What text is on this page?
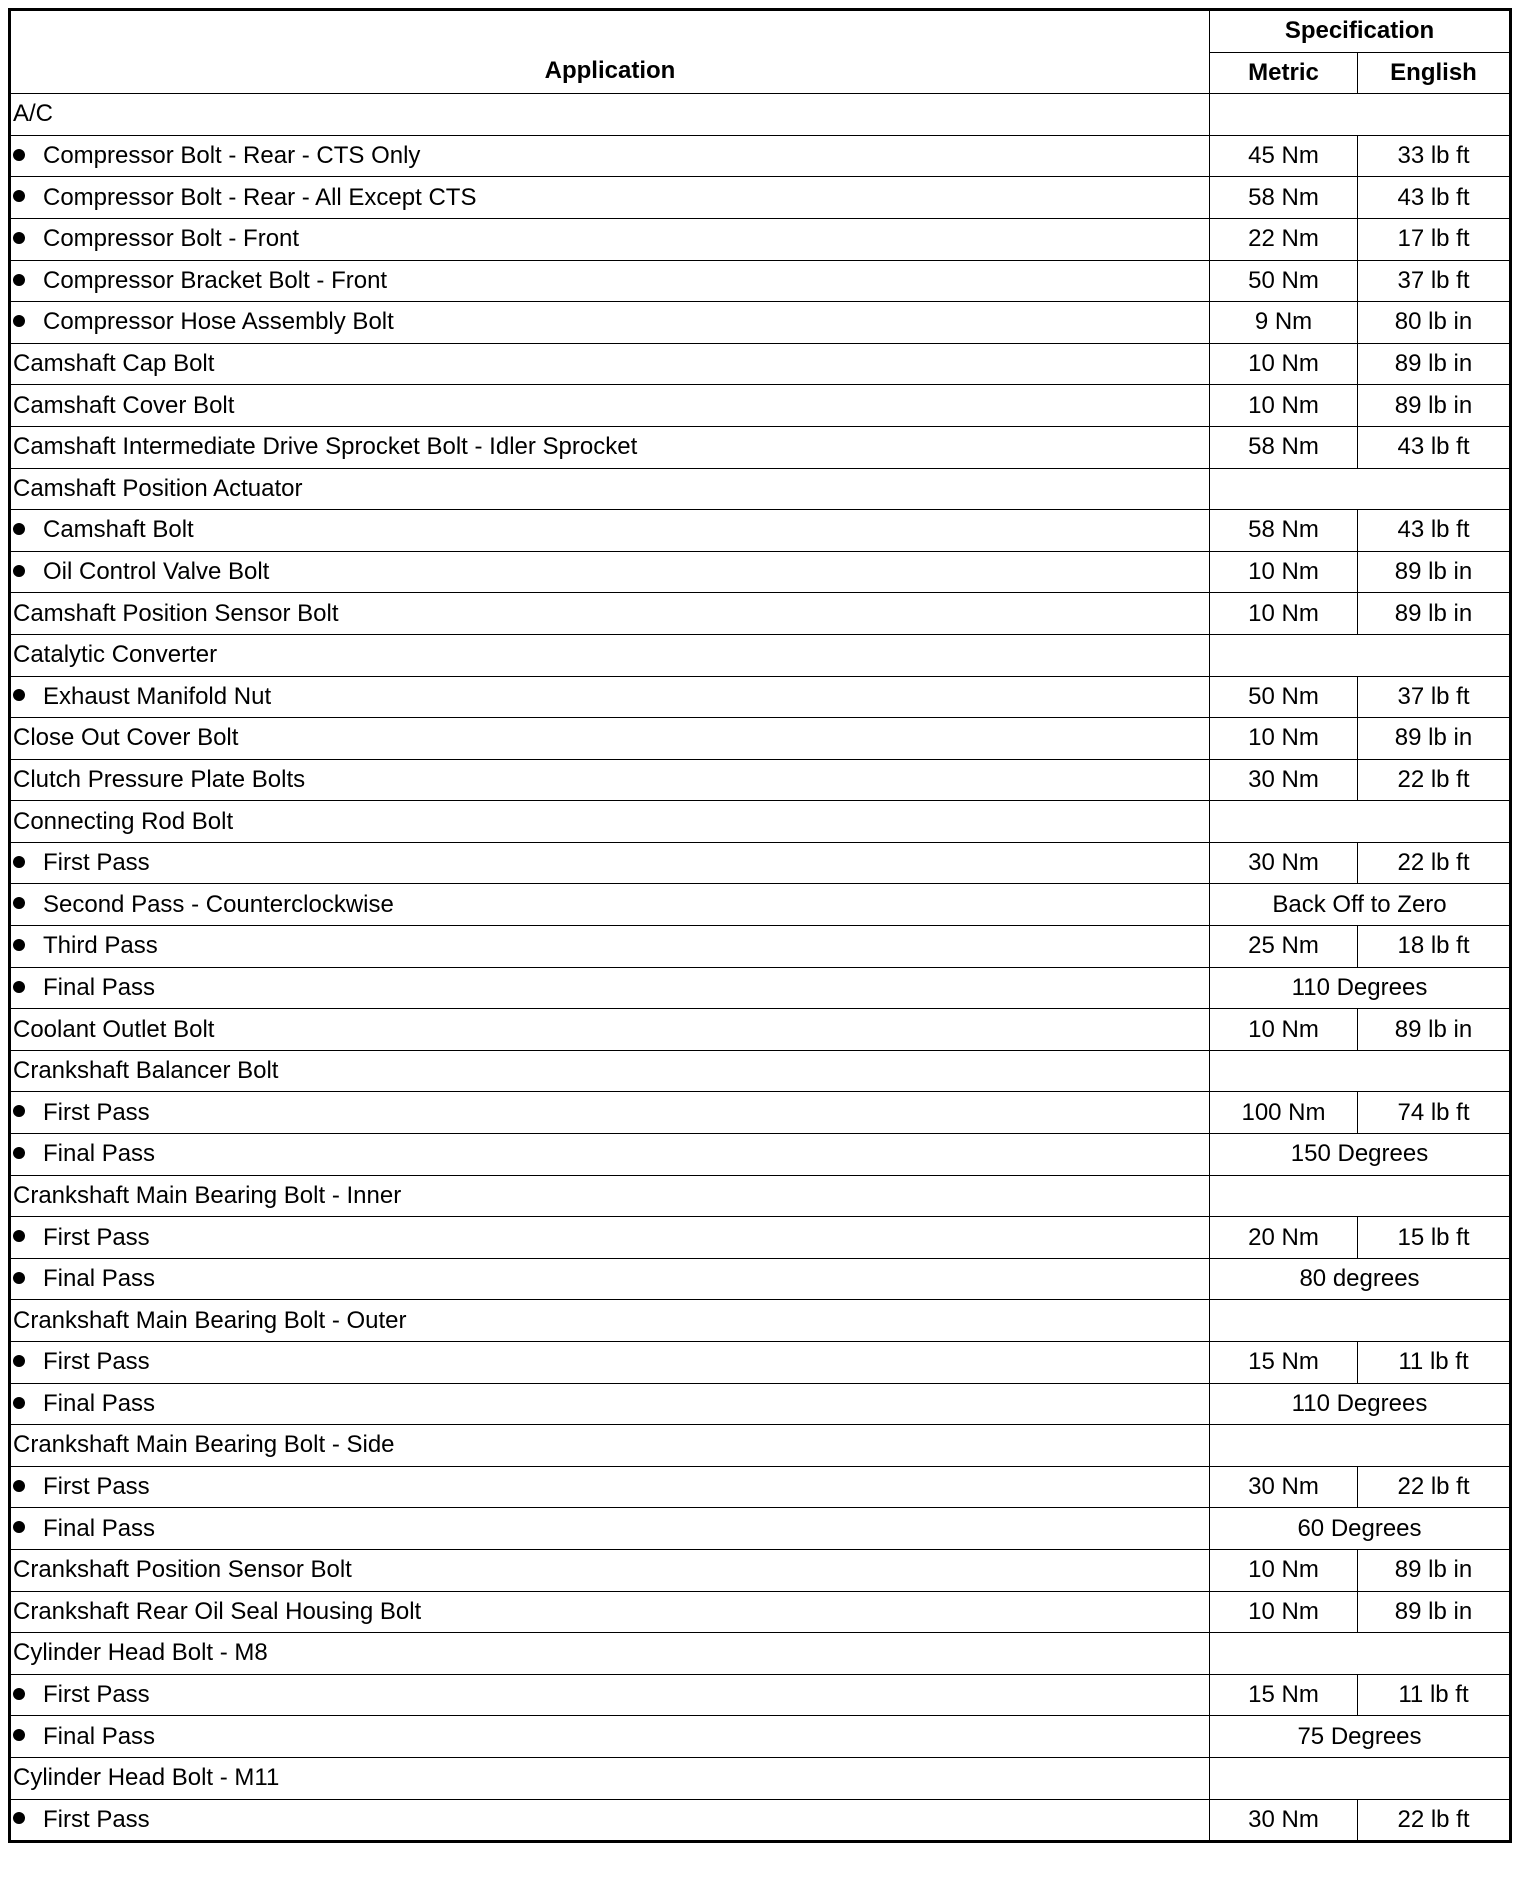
Application	Specification	
	Metric	English
A/C		
Compressor Bolt - Rear - CTS Only	45 Nm	33 lb ft
Compressor Bolt - Rear - All Except CTS	58 Nm	43 lb ft
Compressor Bolt - Front	22 Nm	17 lb ft
Compressor Bracket Bolt - Front	50 Nm	37 lb ft
Compressor Hose Assembly Bolt	9 Nm	80 lb in
Camshaft Cap Bolt	10 Nm	89 lb in
Camshaft Cover Bolt	10 Nm	89 lb in
Camshaft Intermediate Drive Sprocket Bolt - Idler Sprocket	58 Nm	43 lb ft
Camshaft Position Actuator		
Camshaft Bolt	58 Nm	43 lb ft
Oil Control Valve Bolt	10 Nm	89 lb in
Camshaft Position Sensor Bolt	10 Nm	89 lb in
Catalytic Converter		
Exhaust Manifold Nut	50 Nm	37 lb ft
Close Out Cover Bolt	10 Nm	89 lb in
Clutch Pressure Plate Bolts	30 Nm	22 lb ft
Connecting Rod Bolt		
First Pass	30 Nm	22 lb ft
Second Pass - Counterclockwise	Back Off to Zero	
Third Pass	25 Nm	18 lb ft
Final Pass	110 Degrees	
Coolant Outlet Bolt	10 Nm	89 lb in
Crankshaft Balancer Bolt		
First Pass	100 Nm	74 lb ft
Final Pass	150 Degrees	
Crankshaft Main Bearing Bolt - Inner		
First Pass	20 Nm	15 lb ft
Final Pass	80 degrees	
Crankshaft Main Bearing Bolt - Outer		
First Pass	15 Nm	11 lb ft
Final Pass	110 Degrees	
Crankshaft Main Bearing Bolt - Side		
First Pass	30 Nm	22 lb ft
Final Pass	60 Degrees	
Crankshaft Position Sensor Bolt	10 Nm	89 lb in
Crankshaft Rear Oil Seal Housing Bolt	10 Nm	89 lb in
Cylinder Head Bolt - M8		
First Pass	15 Nm	11 lb ft
Final Pass	75 Degrees	
Cylinder Head Bolt - M11		
First Pass	30 Nm	22 lb ft
